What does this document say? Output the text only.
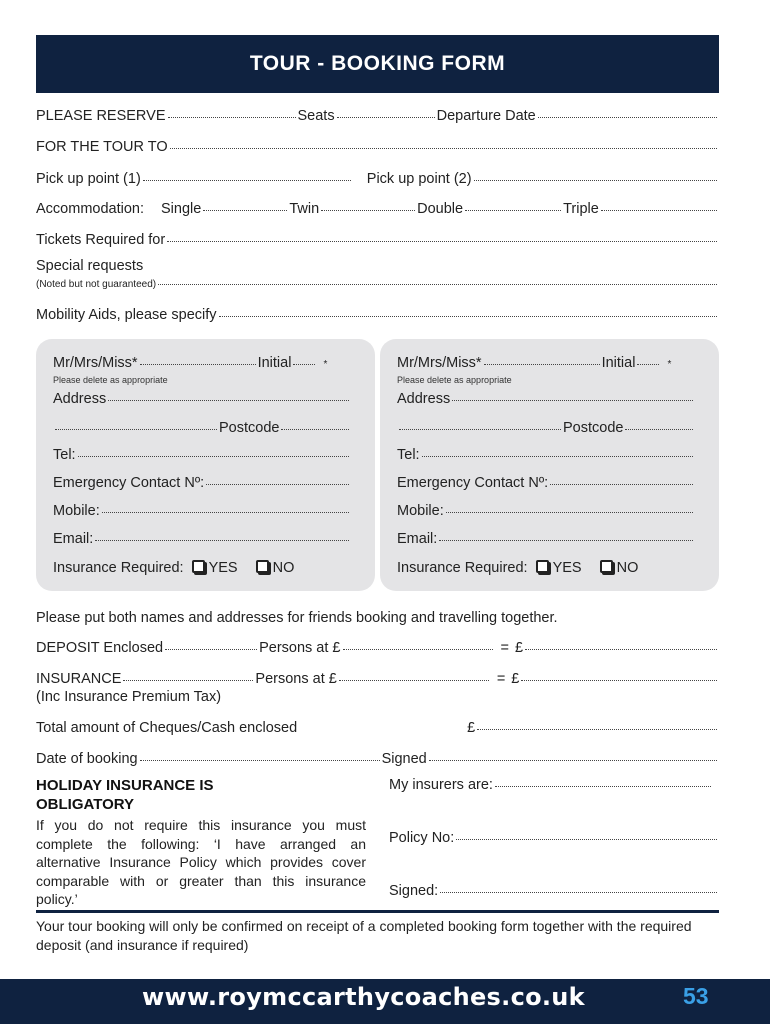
TOUR - BOOKING FORM
PLEASE RESERVE	Seats	Departure Date
FOR THE TOUR TO
Pick up point (1)	Pick up point (2)
Accommodation: Single	Twin	Double	Triple
Tickets Required for
Special requests
(Noted but not guaranteed)
Mobility Aids, please specify
Mr/Mrs/Miss*	Initial	*
Please delete as appropriate
Address
Postcode
Tel:
Emergency Contact Nº:
Mobile:
Email:
Insurance Required: YES NO
Mr/Mrs/Miss*	Initial	*
Please delete as appropriate
Address
Postcode
Tel:
Emergency Contact Nº:
Mobile:
Email:
Insurance Required: YES NO
Please put both names and addresses for friends booking and travelling together.
DEPOSIT Enclosed	Persons at £	= £
INSURANCE	Persons at £	= £
(Inc Insurance Premium Tax)
Total amount of Cheques/Cash enclosed	£
Date of booking	Signed
HOLIDAY INSURANCE IS
OBLIGATORY
If you do not require this insurance you must complete the following: ‘I have arranged an alternative Insurance Policy which provides cover comparable with or greater than this insurance policy.’
My insurers are:
Policy No:
Signed:
Your tour booking will only be confirmed on receipt of a completed booking form together with the required deposit (and insurance if required)
www.roymccarthycoaches.co.uk	53
